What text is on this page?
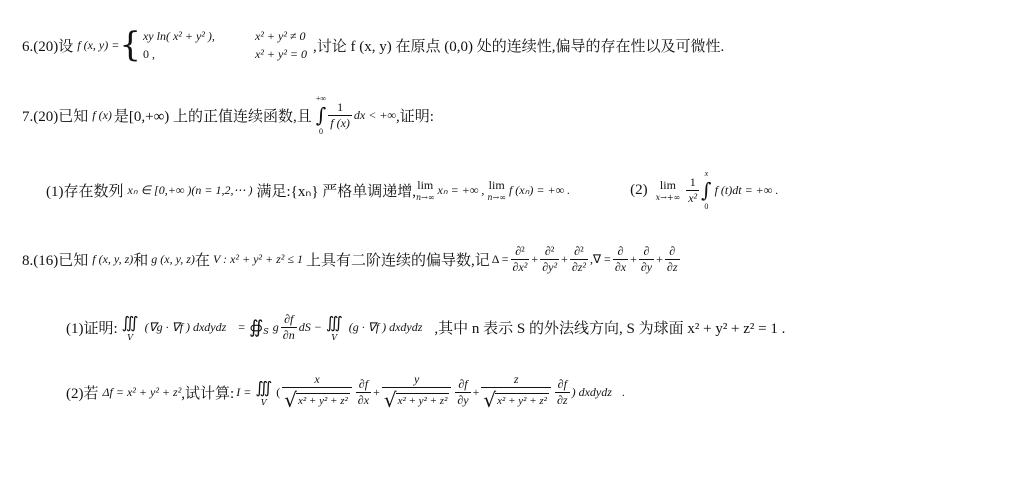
6.(20)设 f (x, y) = { xy ln( x² + y² ),	x² + y² ≠ 0
0 ,	x² + y² = 0 ,讨论 f (x, y) 在原点 (0,0) 处的连续性,偏导的存在性以及可微性.
7.(20)已知 f (x) 是[0,+∞) 上的正值连续函数,且
+∞
∫
0
$\frac{1}{f (x)}$ dx < +∞ ,证明:
(1)存在数列 xₙ ∈ [0,+∞ )(n = 1,2,⋯ ) 满足:{xₙ} 严格单调递增, lim
n→∞
xₙ = +∞ , lim
n→∞
f (xₙ) = +∞ .	(2) lim
$x\to+\infty \frac{1}{\text{x²}}$
x
∫
0
f (t)dt = +∞ .
8.(16)已知 f (x, y, z) 和 g (x, y, z) 在 V : x² + y² + z² ≤ 1 上具有二阶连续的偏导数,记 $\Delta = \frac{\text{∂²}}{\text{∂x²}} + \frac{\text{∂²}}{\text{∂y²}} + \frac{\text{∂²}}{\text{∂z²}}$ ,∇ = $\frac{\partial}{\partial x} + \frac{\partial}{\partial y} + \frac{\partial}{\partial z}$
(1)证明: ∭
V
(∇g · ∇f ) dxdydz = ∯ S g $\frac{\partial f}{\partial n}$ dS − ∭
V
(g · ∇f ) dxdydz ,其中 n 表示 S 的外法线方向, S 为球面 x² + y² + z² = 1 .
(2)若 Δf = x² + y² + z² ,试计算: I = ∭
V
( $\frac{x}{\text{√ x² + y² + z²}} \frac{\partial f}{\partial x} + \frac{y}{\text{√ x² + y² + z²}} \frac{\partial f}{\partial y} + \frac{z}{\text{√ x² + y² + z²}} \frac{\partial f}{\partial z}$ ) dxdydz .
